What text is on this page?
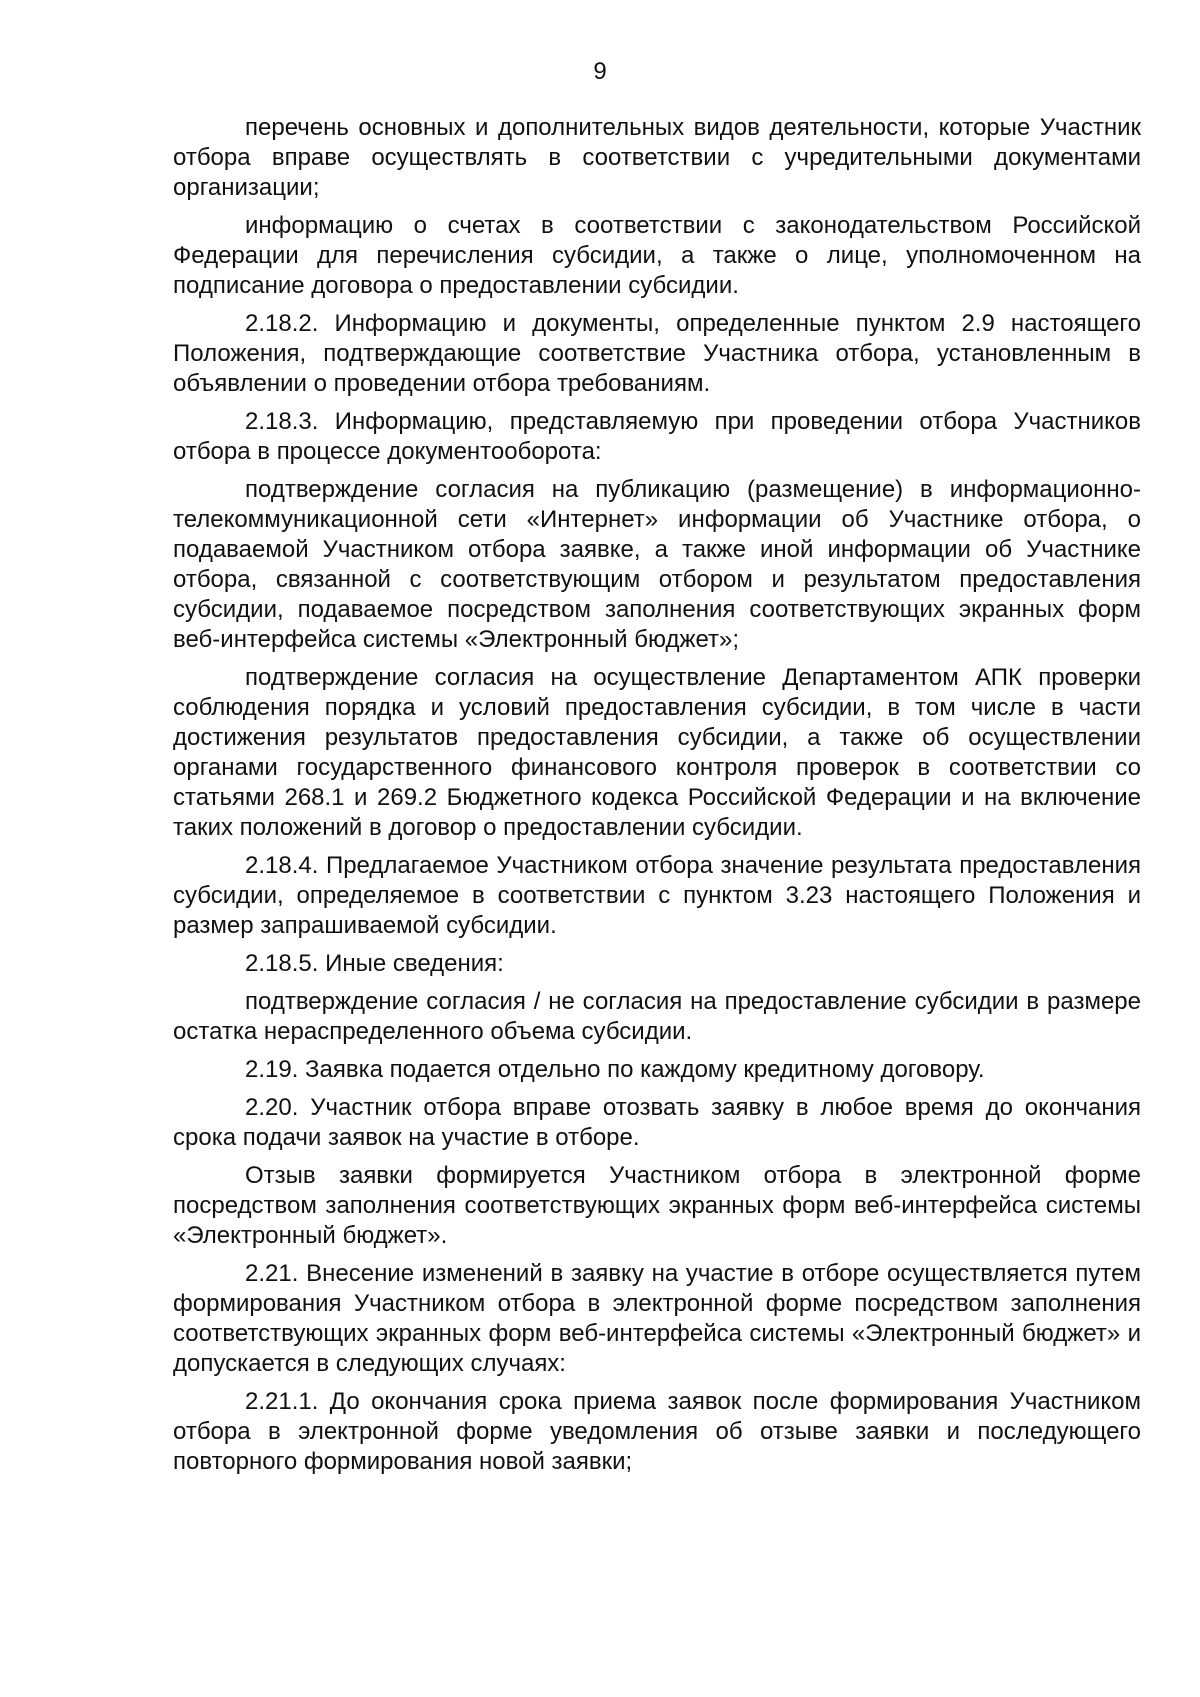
9

перечень основных и дополнительных видов деятельности, которые Участник отбора вправе осуществлять в соответствии с учредительными документами организации;

информацию о счетах в соответствии с законодательством Российской Федерации для перечисления субсидии, а также о лице, уполномоченном на подписание договора о предоставлении субсидии.

2.18.2. Информацию и документы, определенные пунктом 2.9 настоящего Положения, подтверждающие соответствие Участника отбора, установленным в объявлении о проведении отбора требованиям.

2.18.3. Информацию, представляемую при проведении отбора Участников отбора в процессе документооборота:

подтверждение согласия на публикацию (размещение) в информационно-телекоммуникационной сети «Интернет» информации об Участнике отбора, о подаваемой Участником отбора заявке, а также иной информации об Участнике отбора, связанной с соответствующим отбором и результатом предоставления субсидии, подаваемое посредством заполнения соответствующих экранных форм веб-интерфейса системы «Электронный бюджет»;

подтверждение согласия на осуществление Департаментом АПК проверки соблюдения порядка и условий предоставления субсидии, в том числе в части достижения результатов предоставления субсидии, а также об осуществлении органами государственного финансового контроля проверок в соответствии со статьями 268.1 и 269.2 Бюджетного кодекса Российской Федерации и на включение таких положений в договор о предоставлении субсидии.

2.18.4. Предлагаемое Участником отбора значение результата предоставления субсидии, определяемое в соответствии с пунктом 3.23 настоящего Положения и размер запрашиваемой субсидии.

2.18.5. Иные сведения:

подтверждение согласия / не согласия на предоставление субсидии в размере остатка нераспределенного объема субсидии.

2.19. Заявка подается отдельно по каждому кредитному договору.

2.20. Участник отбора вправе отозвать заявку в любое время до окончания срока подачи заявок на участие в отборе.

Отзыв заявки формируется Участником отбора в электронной форме посредством заполнения соответствующих экранных форм веб-интерфейса системы «Электронный бюджет».

2.21. Внесение изменений в заявку на участие в отборе осуществляется путем формирования Участником отбора в электронной форме посредством заполнения соответствующих экранных форм веб-интерфейса системы «Электронный бюджет» и допускается в следующих случаях:

2.21.1. До окончания срока приема заявок после формирования Участником отбора в электронной форме уведомления об отзыве заявки и последующего повторного формирования новой заявки;
